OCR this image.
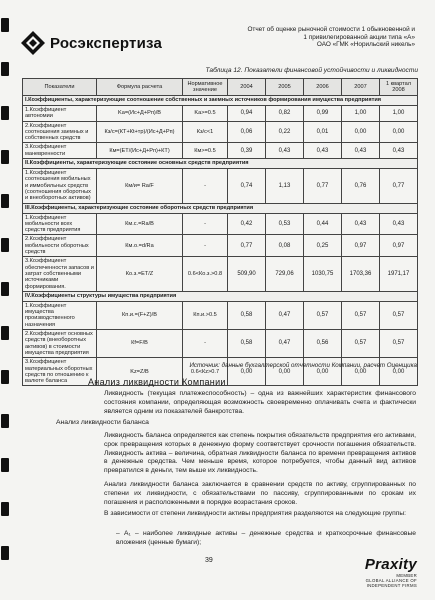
Росэкспертиза
Отчет об оценке рыночной стоимости 1 обыкновенной и
1 привилегированной акции типа «А»
ОАО «ГМК «Норильский никель»
Таблица 12. Показатели финансовой устойчивости и ликвидности
Показатели	Формула расчета	Нормативное значение	2004	2005	2006	2007	1 квартал 2008
I.Коэффициенты, характеризующие соотношение собственных и заемных источников формирования имущества предприятия							
1.Коэффициент автономии	Ka=(Ис+Д+Рп)/В	Ka>=0.5	0,94	0,82	0,99	1,00	1,00
2.Коэффициент соотношения заемных и собственных средств	Кз/с=(КТ+Кt+тр)/(Ис+Д+Рп)	Кз/с<1	0,06	0,22	0,01	0,00	0,00
3.Коэффициент маневренности	Км=(ЕТ/(Ис+Д+Рп)+КТ)	Км>=0.5	0,39	0,43	0,43	0,43	0,43
II.Коэффициенты, характеризующие состояние основных средств предприятия							
1.Коэффициент соотношения мобильных и иммобильных средств (соотношения оборотных и внеоборотных активов)	Км/и= Ra/F	-	0,74	1,13	0,77	0,76	0,77
III.Коэффициенты, характеризующие состояние оборотных средств предприятия							
1.Коэффициент мобильности всех средств предприятия	Км.с.=Ra/B	-	0,42	0,53	0,44	0,43	0,43
2.Коэффициент мобильности оборотных средств	Км.о.=d/Ra	-	0,77	0,08	0,25	0,97	0,97
3.Коэффициент обеспеченности запасов и затрат собственными источниками формирования.	Ко.з.=ЕТ/Z	0.6<Ко.з.>0.8	509,90	729,06	1030,75	1703,36	1971,17
IV.Коэффициенты структуры имущества предприятия							
1.Коэффициент имущества производственного назначения	Кп.и.=(F+Z)/B	Кп.и.>0.5	0,58	0,47	0,57	0,57	0,57
2.Коэффициент основных средств (внеоборотных активов) в стоимости имущества предприятия	Кf=F/B	-	0,58	0,47	0,56	0,57	0,57
3.Коэффициент материальных оборотных средств по отношению к валюте баланса	Kz=Z/B	0.6<Кz>0.7	0,00	0,00	0,00	0,00	0,00
Источник: данные бухгалтерской отчетности Компании, расчет Оценщика
Анализ ликвидности Компании
Ликвидность (текущая платежеспособность) – одна из важнейших характеристик финансового состояния компании, определяющая возможность своевременно оплачивать счета и фактически является одним из показателей банкротства.
Анализ ликвидности баланса
Ликвидность баланса определяется как степень покрытия обязательств предприятия его активами, срок превращения которых в денежную форму соответствует срочности погашения обязательств. Ликвидность актива – величина, обратная ликвидности баланса по времени превращения активов в денежные средства. Чем меньше время, которое потребуется, чтобы данный вид активов превратился в деньги, тем выше их ликвидность.
Анализ ликвидности баланса заключается в сравнении средств по активу, сгруппированных по степени их ликвидности, с обязательствами по пассиву, сгруппированными по срокам их погашения и расположенными в порядке возрастания сроков.
В зависимости от степени ликвидности активы предприятия разделяются на следующие группы:
– А₁ – наиболее ликвидные активы – денежные средства и краткосрочные финансовые вложения (ценные бумаги);
39	Praxity
MEMBER
GLOBAL ALLIANCE OF
INDEPENDENT FIRMS
